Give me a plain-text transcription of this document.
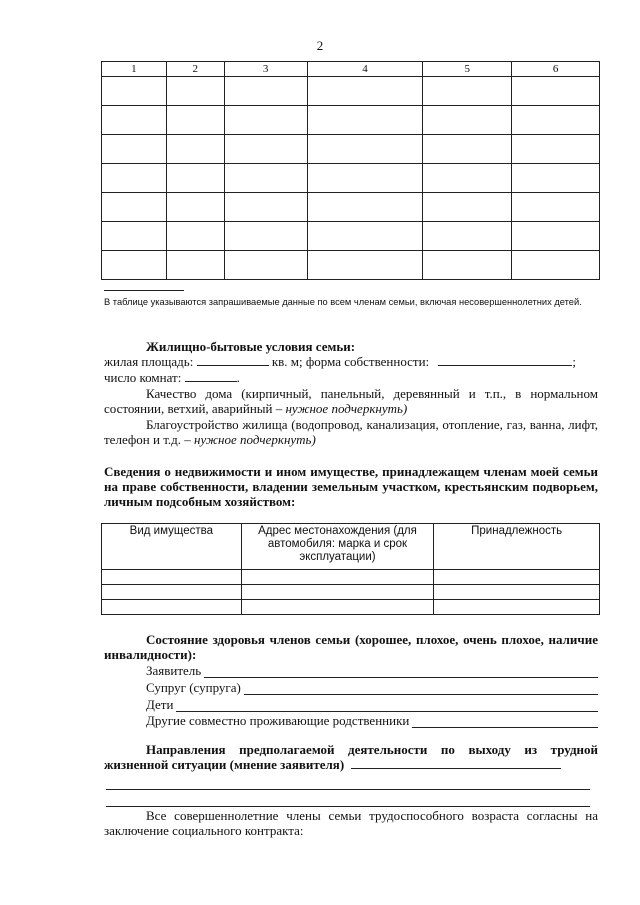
2
1	2	3	4	5	6

В таблице указываются запрашиваемые данные по всем членам семьи, включая несовершеннолетних детей.
Жилищно-бытовые условия семьи:
жилая площадь:	кв. м; форма собственности:	;
число комнат:	.
Качество дома (кирпичный, панельный, деревянный и т.п., в нормальном состоянии, ветхий, аварийный – нужное подчеркнуть)
Благоустройство жилища (водопровод, канализация, отопление, газ, ванна, лифт, телефон и т.д. – нужное подчеркнуть)
Сведения о недвижимости и ином имуществе, принадлежащем членам моей семьи на праве собственности, владении земельным участком, крестьянским подворьем, личным подсобным хозяйством:
Вид имущества	Адрес местонахождения (для автомобиля: марка и срок эксплуатации)	Принадлежность

Состояние здоровья членов семьи (хорошее, плохое, очень плохое, наличие инвалидности):
Заявитель
Супруг (супруга)
Дети
Другие совместно проживающие родственники
Направления предполагаемой деятельности по выходу из трудной жизненной ситуации (мнение заявителя)
Все совершеннолетние члены семьи трудоспособного возраста согласны на заключение социального контракта:
